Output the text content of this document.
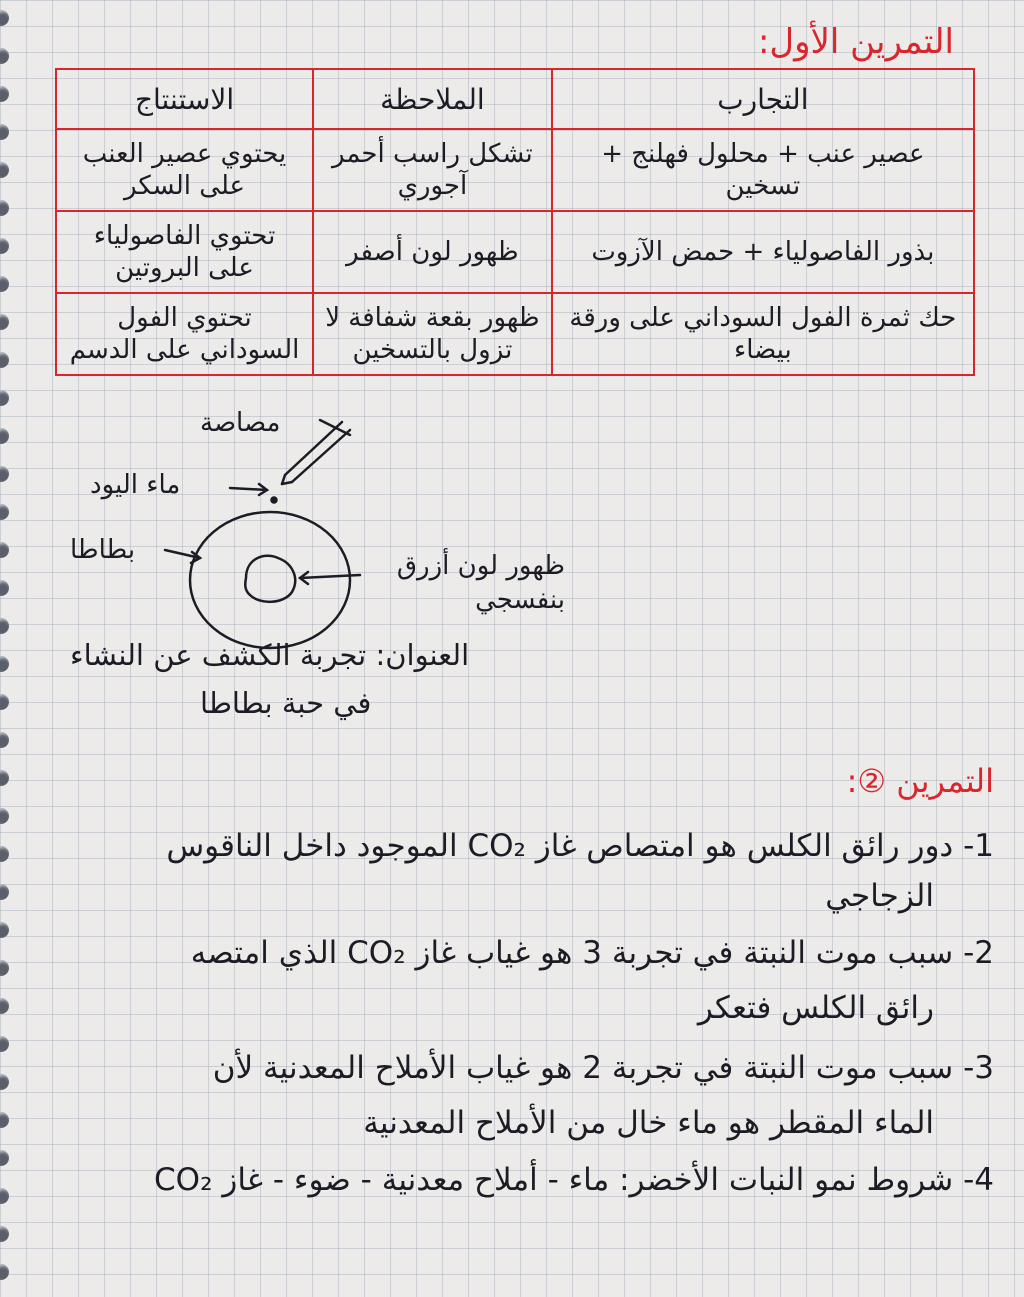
التمرين الأول:
التجارب	الملاحظة	الاستنتاج
عصير عنب + محلول فهلنج + تسخين	تشكل راسب أحمر آجوري	يحتوي عصير العنب على السكر
بذور الفاصولياء + حمض الآزوت	ظهور لون أصفر	تحتوي الفاصولياء على البروتين
حك ثمرة الفول السوداني على ورقة بيضاء	ظهور بقعة شفافة لا تزول بالتسخين	تحتوي الفول السوداني على الدسم
مصاصة
ماء اليود
بطاطا
ظهور لون أزرق بنفسجي
العنوان: تجربة الكشف عن النشاء
في حبة بطاطا
التمرين ②:
1- دور رائق الكلس هو امتصاص غاز CO₂ الموجود داخل الناقوس
الزجاجي
2- سبب موت النبتة في تجربة 3 هو غياب غاز CO₂ الذي امتصه
رائق الكلس فتعكر
3- سبب موت النبتة في تجربة 2 هو غياب الأملاح المعدنية لأن
الماء المقطر هو ماء خال من الأملاح المعدنية
4- شروط نمو النبات الأخضر: ماء - أملاح معدنية - ضوء - غاز CO₂
